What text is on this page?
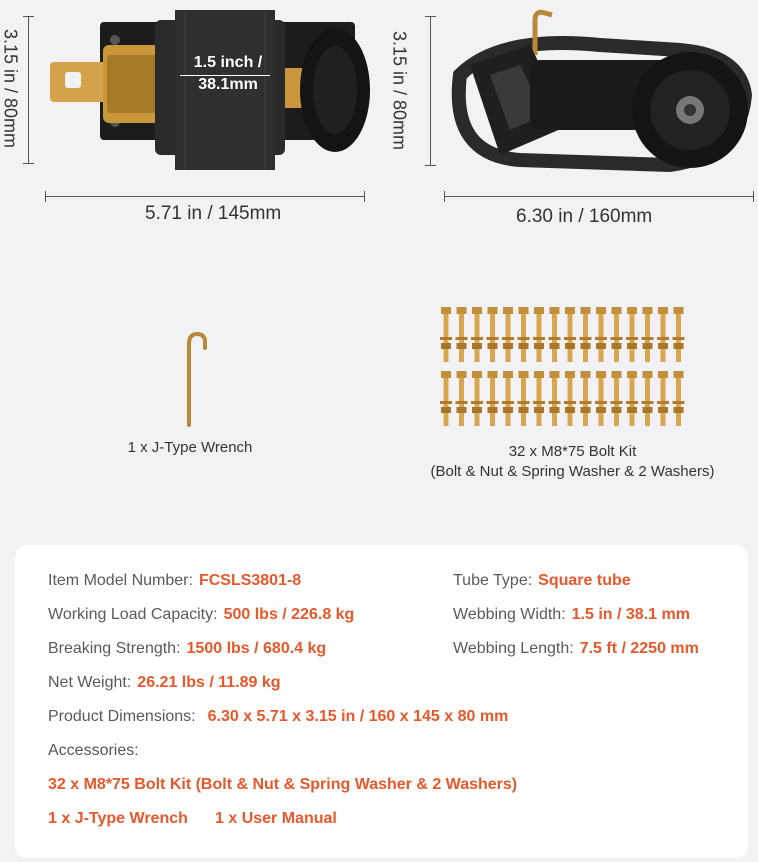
3.15 in / 80mm	1.5 inch /
38.1mm
5.71 in / 145mm
3.15 in / 80mm
6.30 in / 160mm
1 x J-Type Wrench	32 x M8*75 Bolt Kit
(Bolt & Nut & Spring Washer & 2 Washers)
Item Model Number: FCSLS3801-8	Tube Type: Square tube
Working Load Capacity: 500 lbs / 226.8 kg	Webbing Width: 1.5 in / 38.1 mm
Breaking Strength: 1500 lbs / 680.4 kg	Webbing Length: 7.5 ft / 2250 mm
Net Weight: 26.21 lbs / 11.89 kg
Product Dimensions: 6.30 x 5.71 x 3.15 in / 160 x 145 x 80 mm
Accessories:
32 x M8*75 Bolt Kit (Bolt & Nut & Spring Washer & 2 Washers)
1 x J-Type Wrench 1 x User Manual
